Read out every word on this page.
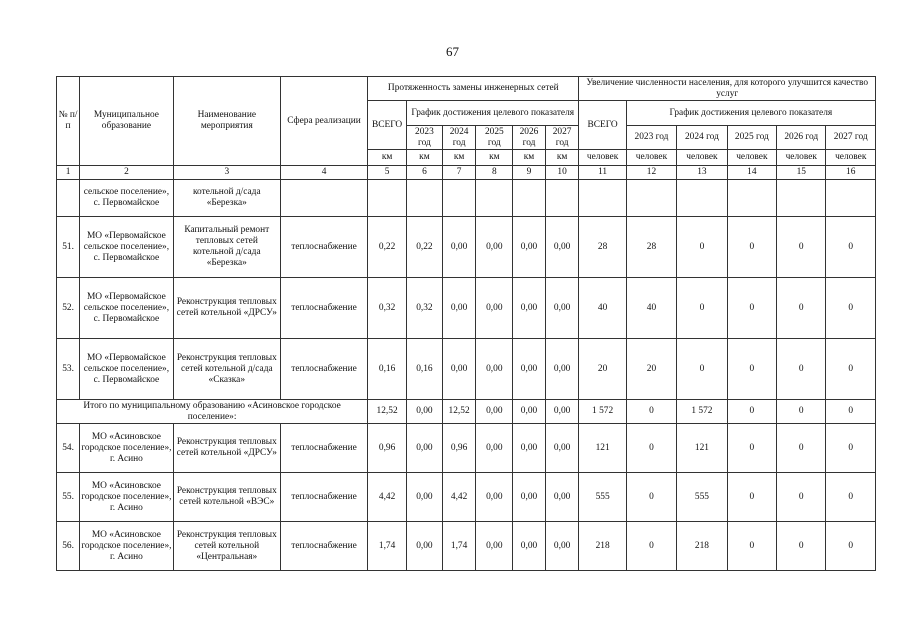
67
№ п/п	Муниципальное образование	Наименование мероприятия	Сфера реализации	Протяженность замены инженерных сетей						Увеличение численности населения, для которого улучшится качество услуг					
				ВСЕГО	График достижения целевого показателя					ВСЕГО	График достижения целевого показателя				
					2023 год	2024 год	2025 год	2026 год	2027 год		2023 год	2024 год	2025 год	2026 год	2027 год
				км	км	км	км	км	км	человек	человек	человек	человек	человек	человек
1	2	3	4	5	6	7	8	9	10	11	12	13	14	15	16
	сельское поселение», с. Первомайское	котельной д/сада «Березка»													
51.	МО «Первомайское сельское поселение», с. Первомайское	Капитальный ремонт тепловых сетей котельной д/сада «Березка»	теплоснабжение	0,22	0,22	0,00	0,00	0,00	0,00	28	28	0	0	0	0
52.	МО «Первомайское сельское поселение», с. Первомайское	Реконструкция тепловых сетей котельной «ДРСУ»	теплоснабжение	0,32	0,32	0,00	0,00	0,00	0,00	40	40	0	0	0	0
53.	МО «Первомайское сельское поселение», с. Первомайское	Реконструкция тепловых сетей котельной д/сада «Сказка»	теплоснабжение	0,16	0,16	0,00	0,00	0,00	0,00	20	20	0	0	0	0
Итого по муниципальному образованию «Асиновское городское поселение»:				12,52	0,00	12,52	0,00	0,00	0,00	1 572	0	1 572	0	0	0
54.	МО «Асиновское городское поселение», г. Асино	Реконструкция тепловых сетей котельной «ДРСУ»	теплоснабжение	0,96	0,00	0,96	0,00	0,00	0,00	121	0	121	0	0	0
55.	МО «Асиновское городское поселение», г. Асино	Реконструкция тепловых сетей котельной «ВЭС»	теплоснабжение	4,42	0,00	4,42	0,00	0,00	0,00	555	0	555	0	0	0
56.	МО «Асиновское городское поселение», г. Асино	Реконструкция тепловых сетей котельной «Центральная»	теплоснабжение	1,74	0,00	1,74	0,00	0,00	0,00	218	0	218	0	0	0
